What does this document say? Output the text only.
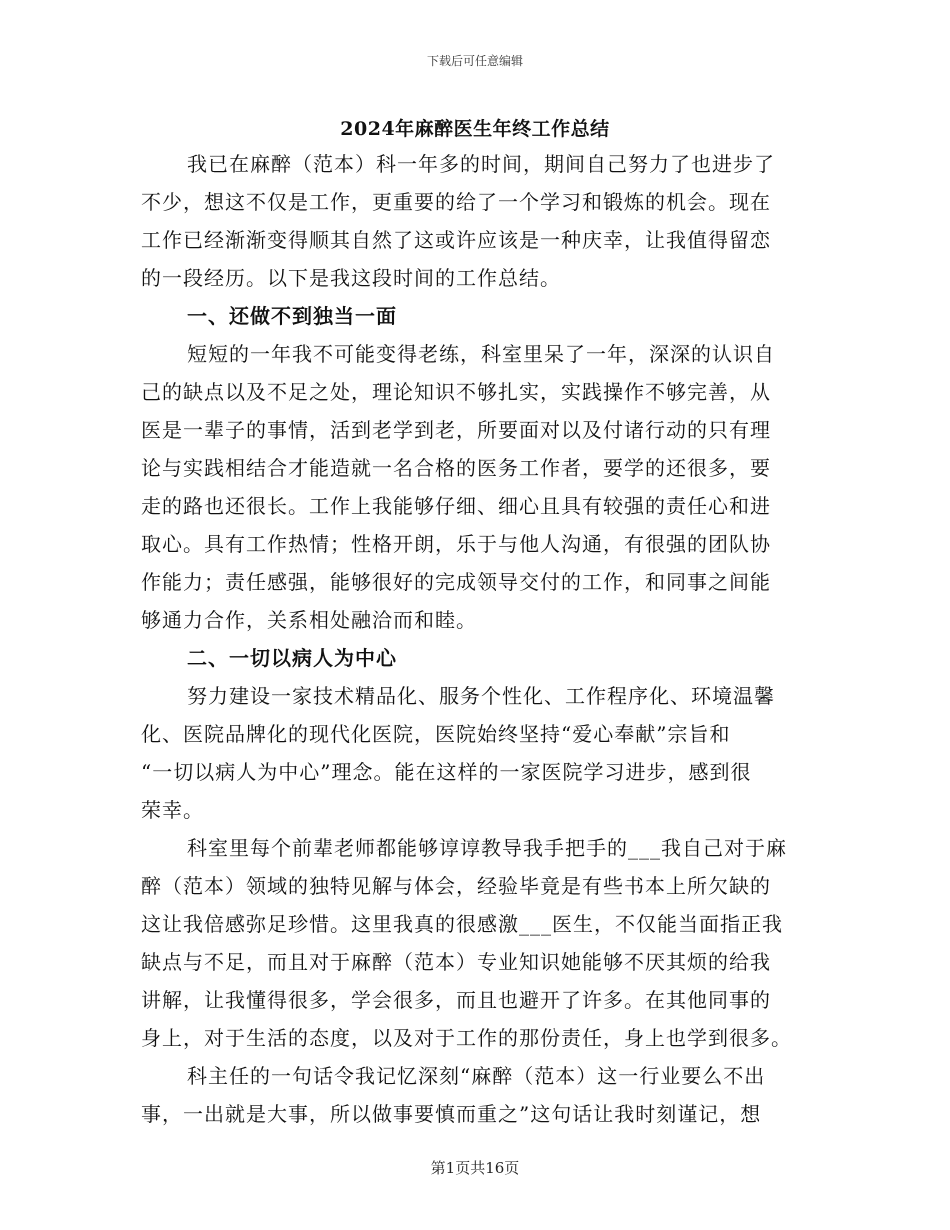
下载后可任意编辑
2024年麻醉医生年终工作总结
我已在麻醉（范本）科一年多的时间，期间自己努力了也进步了
不少，想这不仅是工作，更重要的给了一个学习和锻炼的机会。现在
工作已经渐渐变得顺其自然了这或许应该是一种庆幸，让我值得留恋
的一段经历。以下是我这段时间的工作总结。
一、还做不到独当一面
短短的一年我不可能变得老练，科室里呆了一年，深深的认识自
己的缺点以及不足之处，理论知识不够扎实，实践操作不够完善，从
医是一辈子的事情，活到老学到老，所要面对以及付诸行动的只有理
论与实践相结合才能造就一名合格的医务工作者，要学的还很多，要
走的路也还很长。工作上我能够仔细、细心且具有较强的责任心和进
取心。具有工作热情；性格开朗，乐于与他人沟通，有很强的团队协
作能力；责任感强，能够很好的完成领导交付的工作，和同事之间能
够通力合作，关系相处融洽而和睦。
二、一切以病人为中心
努力建设一家技术精品化、服务个性化、工作程序化、环境温馨
化、医院品牌化的现代化医院，医院始终坚持“爱心奉献”宗旨和
“一切以病人为中心”理念。能在这样的一家医院学习进步，感到很
荣幸。
科室里每个前辈老师都能够谆谆教导我手把手的___我自己对于麻
醉（范本）领域的独特见解与体会，经验毕竟是有些书本上所欠缺的
这让我倍感弥足珍惜。这里我真的很感激___医生，不仅能当面指正我
缺点与不足，而且对于麻醉（范本）专业知识她能够不厌其烦的给我
讲解，让我懂得很多，学会很多，而且也避开了许多。在其他同事的
身上，对于生活的态度，以及对于工作的那份责任，身上也学到很多。
科主任的一句话令我记忆深刻“麻醉（范本）这一行业要么不出
事，一出就是大事，所以做事要慎而重之”这句话让我时刻谨记，想
第1页共16页
